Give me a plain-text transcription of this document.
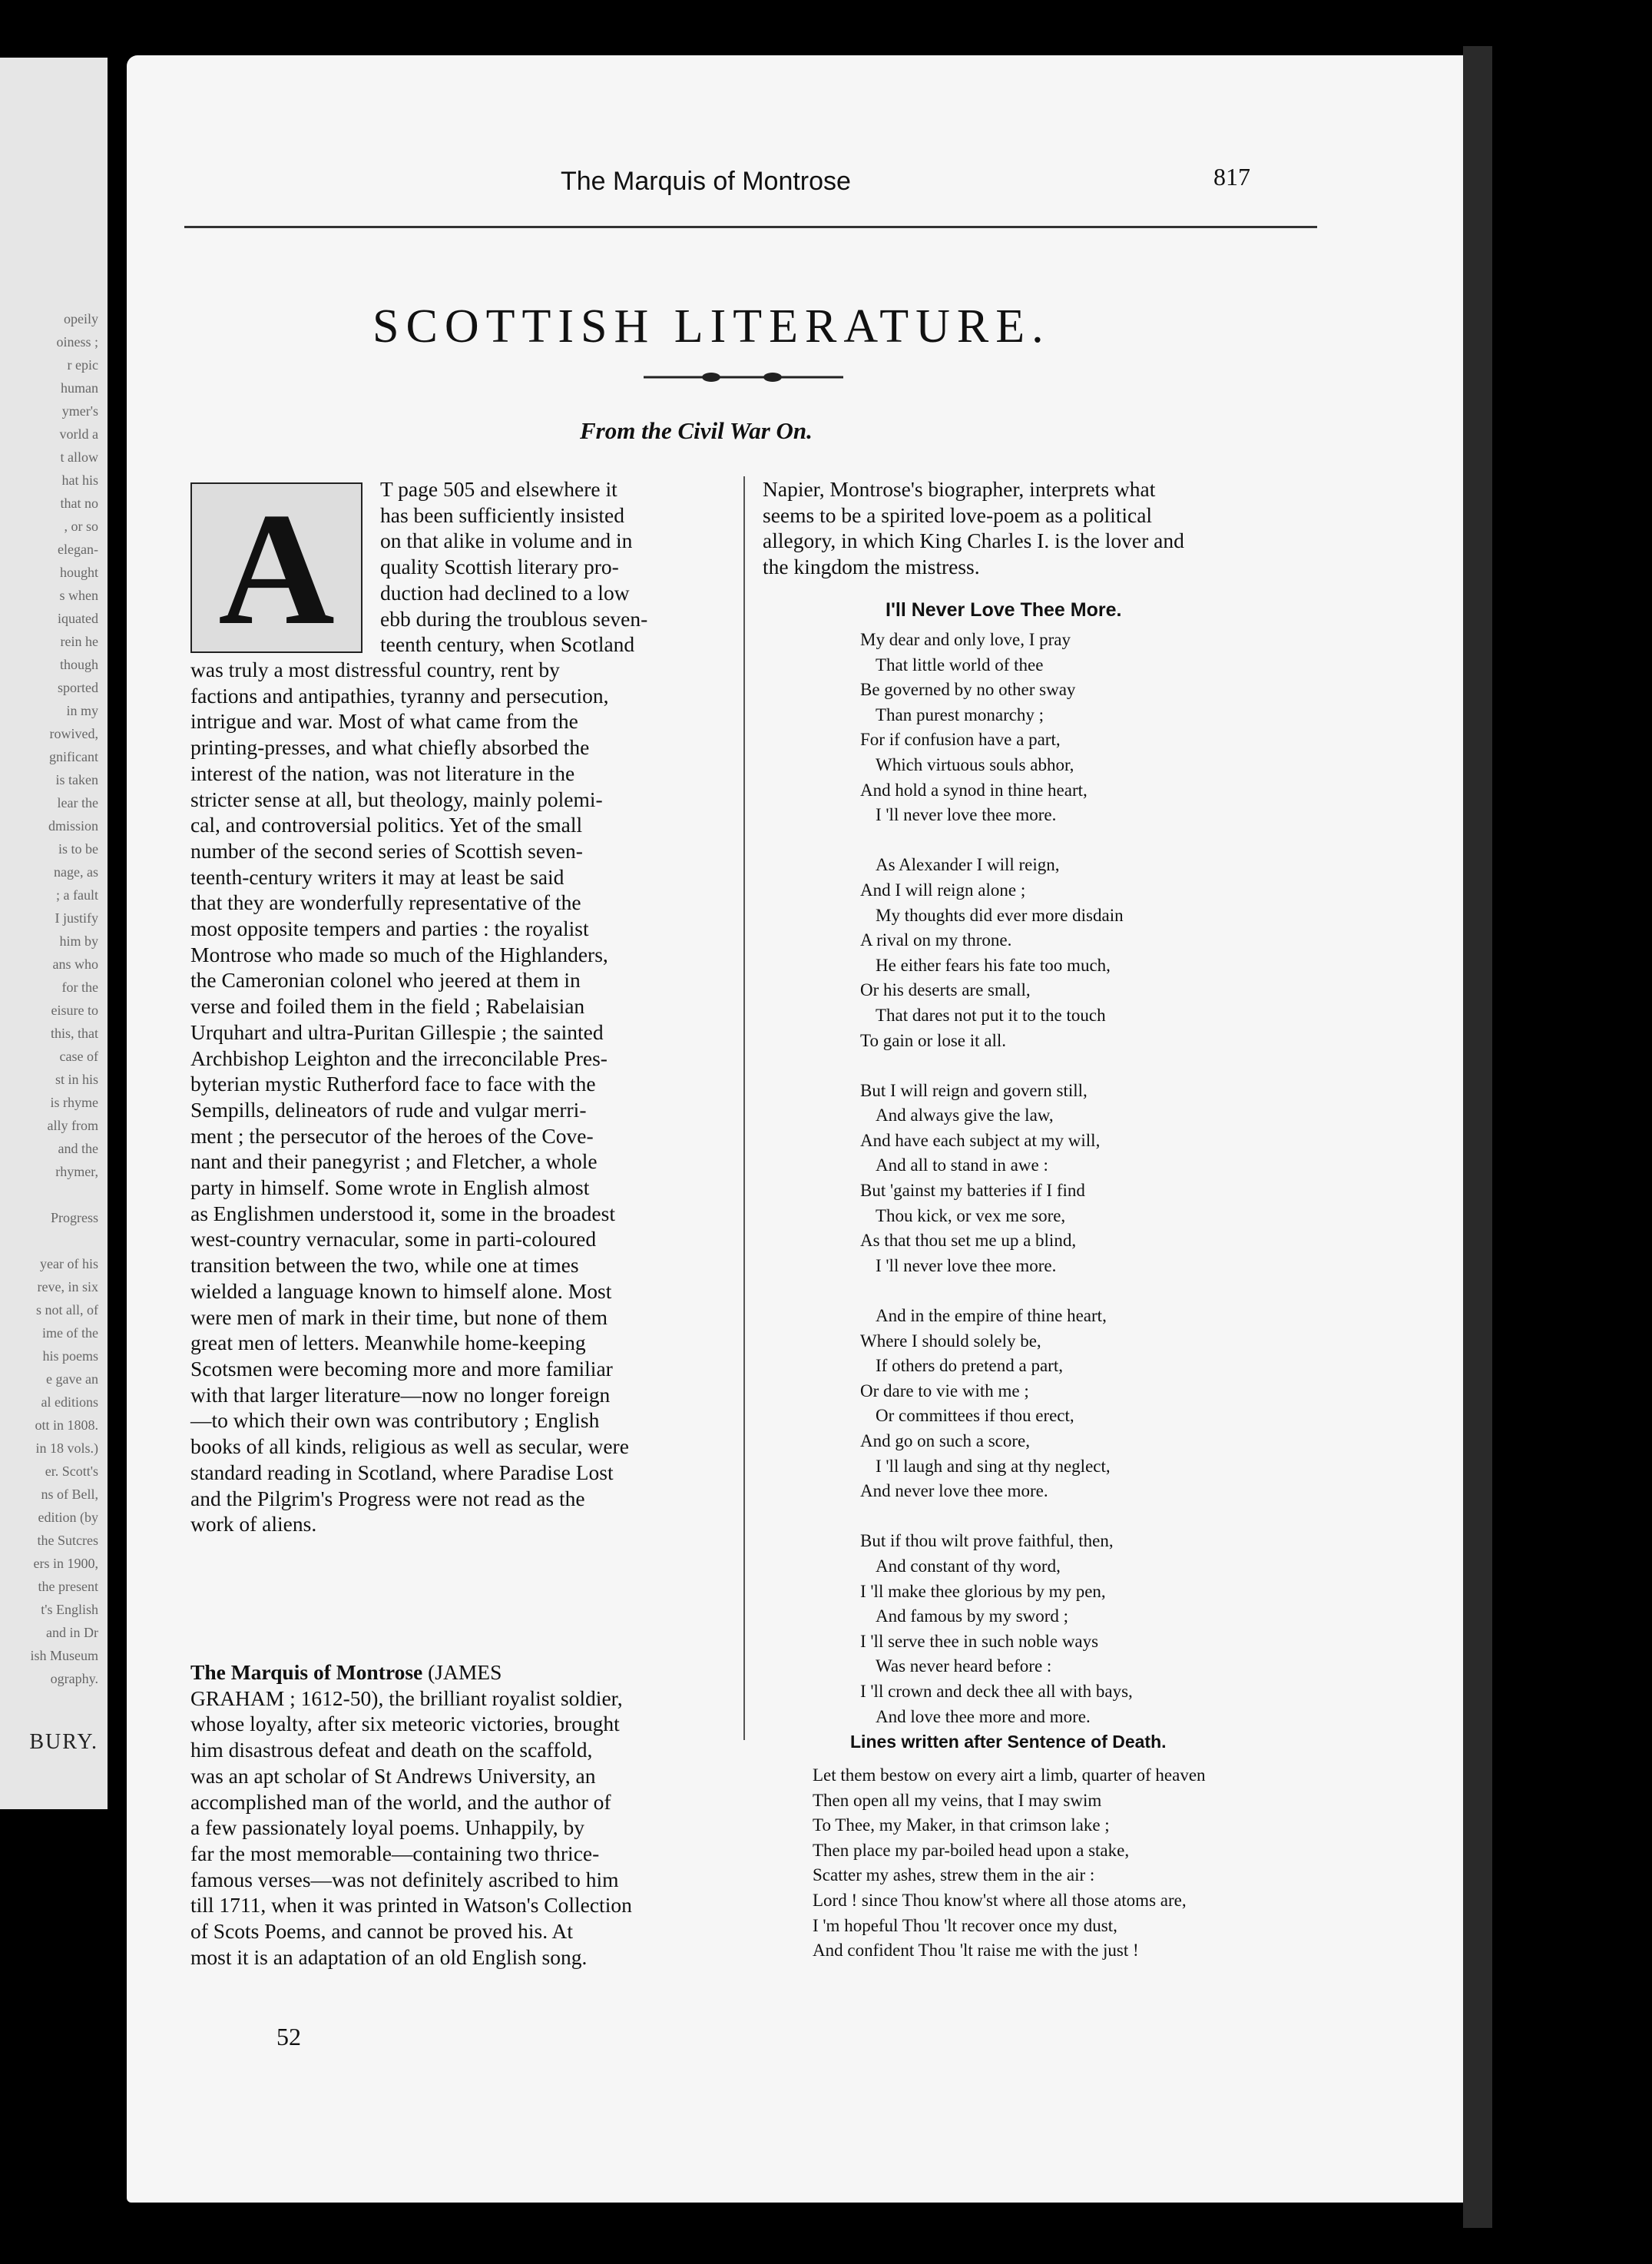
opeily
oiness ;
r epic
human
ymer's
vorld a
t allow
hat his
that no
, or so
elegan-
hought
s when
iquated
rein he
though
sported
in my
rowived,
gnificant
is taken
lear the
dmission
is to be
nage, as
; a fault
I justify
him by
ans who
for the
eisure to
this, that
case of
st in his
is rhyme
ally from
and the
rhymer,
Progress
year of his
reve, in six
s not all, of
ime of the
his poems
e gave an
al editions
ott in 1808.
in 18 vols.)
er. Scott's
ns of Bell,
edition (by
the Sutcres
ers in 1900,
the present
t's English
and in Dr
ish Museum
ography.
BURY.
The Marquis of Montrose	817
SCOTTISH LITERATURE.
From the Civil War On.
A	T page 505 and elsewhere it
has been sufficiently insisted
on that alike in volume and in
quality Scottish literary pro-
duction had declined to a low
ebb during the troublous seven-
teenth century, when Scotland
was truly a most distressful country, rent by
factions and antipathies, tyranny and persecution,
intrigue and war. Most of what came from the
printing-presses, and what chiefly absorbed the
interest of the nation, was not literature in the
stricter sense at all, but theology, mainly polemi-
cal, and controversial politics. Yet of the small
number of the second series of Scottish seven-
teenth-century writers it may at least be said
that they are wonderfully representative of the
most opposite tempers and parties : the royalist
Montrose who made so much of the Highlanders,
the Cameronian colonel who jeered at them in
verse and foiled them in the field ; Rabelaisian
Urquhart and ultra-Puritan Gillespie ; the sainted
Archbishop Leighton and the irreconcilable Pres-
byterian mystic Rutherford face to face with the
Sempills, delineators of rude and vulgar merri-
ment ; the persecutor of the heroes of the Cove-
nant and their panegyrist ; and Fletcher, a whole
party in himself. Some wrote in English almost
as Englishmen understood it, some in the broadest
west-country vernacular, some in parti-coloured
transition between the two, while one at times
wielded a language known to himself alone. Most
were men of mark in their time, but none of them
great men of letters. Meanwhile home-keeping
Scotsmen were becoming more and more familiar
with that larger literature—now no longer foreign
—to which their own was contributory ; English
books of all kinds, religious as well as secular, were
standard reading in Scotland, where Paradise Lost
and the Pilgrim's Progress were not read as the
work of aliens.
The Marquis of Montrose (JAMES
GRAHAM ; 1612-50), the brilliant royalist soldier,
whose loyalty, after six meteoric victories, brought
him disastrous defeat and death on the scaffold,
was an apt scholar of St Andrews University, an
accomplished man of the world, and the author of
a few passionately loyal poems. Unhappily, by
far the most memorable—containing two thrice-
famous verses—was not definitely ascribed to him
till 1711, when it was printed in Watson's Collection
of Scots Poems, and cannot be proved his. At
most it is an adaptation of an old English song.
52
Napier, Montrose's biographer, interprets what
seems to be a spirited love-poem as a political
allegory, in which King Charles I. is the lover and
the kingdom the mistress.
I'll Never Love Thee More.
My dear and only love, I pray
That little world of thee
Be governed by no other sway
Than purest monarchy ;
For if confusion have a part,
Which virtuous souls abhor,
And hold a synod in thine heart,
I 'll never love thee more.

As Alexander I will reign,
And I will reign alone ;
My thoughts did ever more disdain
A rival on my throne.
He either fears his fate too much,
Or his deserts are small,
That dares not put it to the touch
To gain or lose it all.

But I will reign and govern still,
And always give the law,
And have each subject at my will,
And all to stand in awe :
But 'gainst my batteries if I find
Thou kick, or vex me sore,
As that thou set me up a blind,
I 'll never love thee more.

And in the empire of thine heart,
Where I should solely be,
If others do pretend a part,
Or dare to vie with me ;
Or committees if thou erect,
And go on such a score,
I 'll laugh and sing at thy neglect,
And never love thee more.

But if thou wilt prove faithful, then,
And constant of thy word,
I 'll make thee glorious by my pen,
And famous by my sword ;
I 'll serve thee in such noble ways
Was never heard before :
I 'll crown and deck thee all with bays,
And love thee more and more.
Lines written after Sentence of Death.
Let them bestow on every airt a limb, quarter of heaven
Then open all my veins, that I may swim
To Thee, my Maker, in that crimson lake ;
Then place my par-boiled head upon a stake,
Scatter my ashes, strew them in the air :
Lord ! since Thou know'st where all those atoms are,
I 'm hopeful Thou 'lt recover once my dust,
And confident Thou 'lt raise me with the just !
